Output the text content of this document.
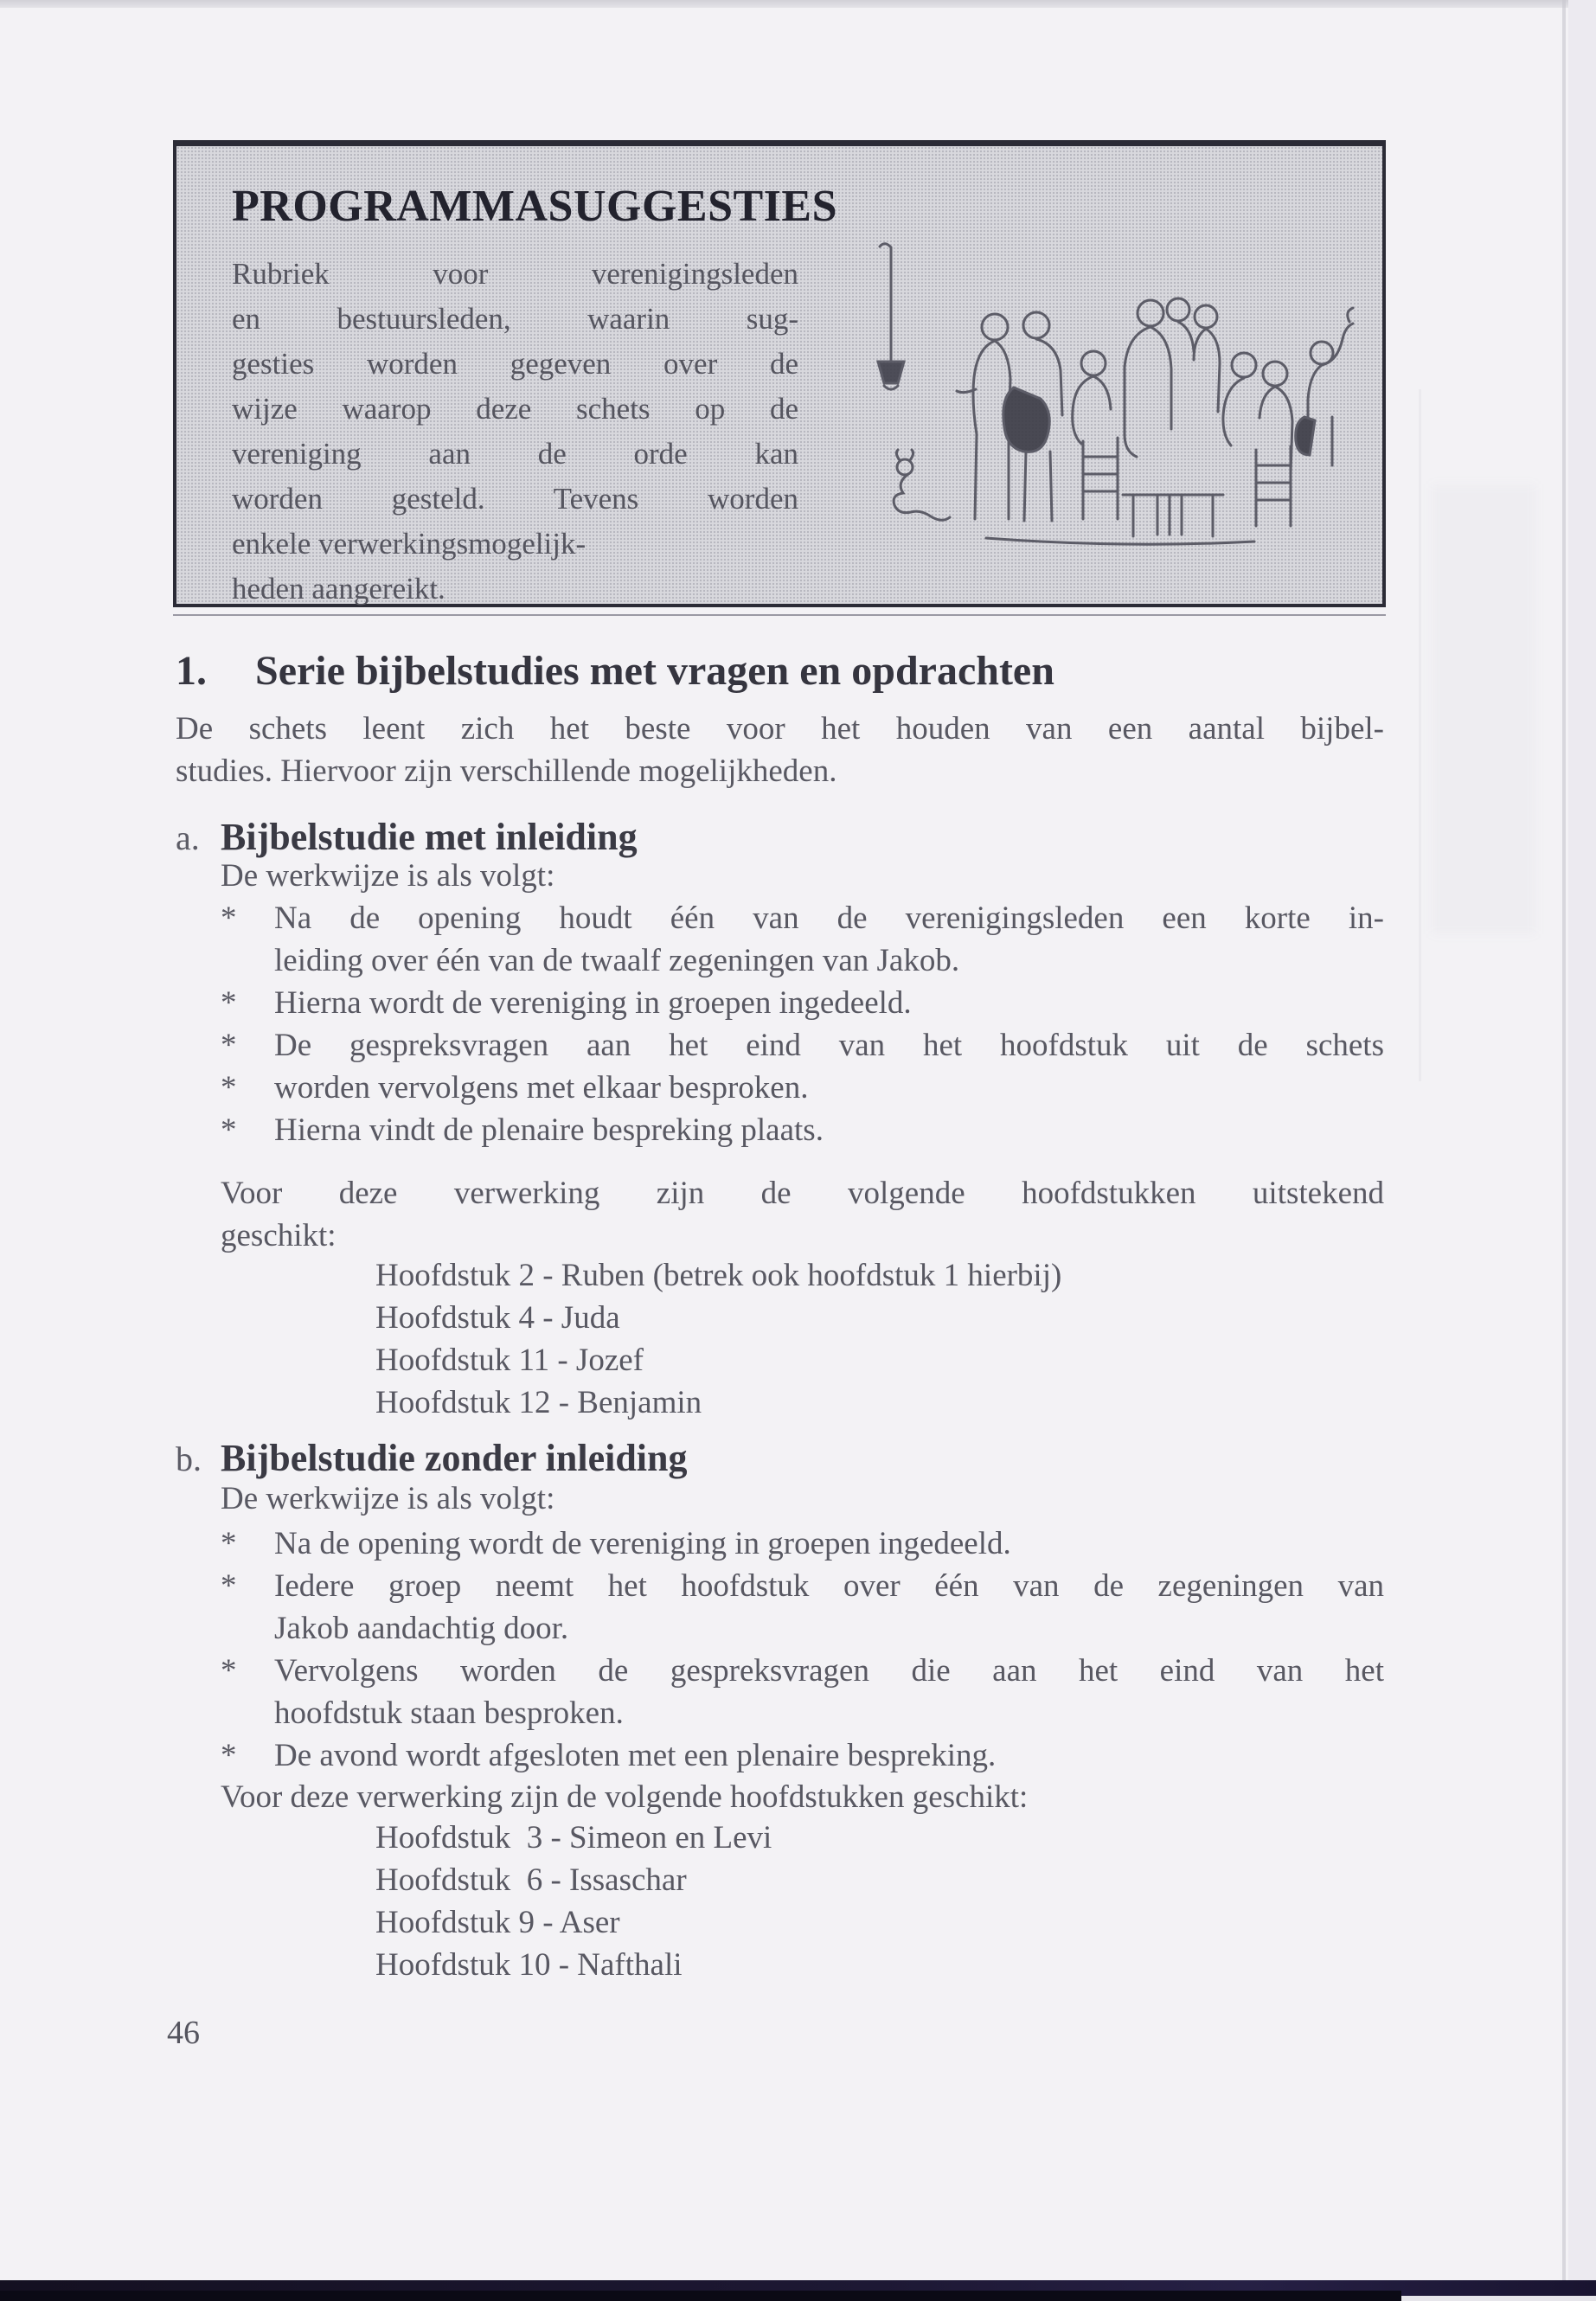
PROGRAMMASUGGESTIES
Rubriek voor verenigingsleden
en bestuursleden, waarin sug-
gesties worden gegeven over de
wijze waarop deze schets op de
vereniging aan de orde kan
worden gesteld. Tevens worden
enkele verwerkingsmogelijk-
heden aangereikt.
1. Serie bijbelstudies met vragen en opdrachten
De schets leent zich het beste voor het houden van een aantal bijbel-
studies. Hiervoor zijn verschillende mogelijkheden.
a. Bijbelstudie met inleiding
De werkwijze is als volgt:
*	Na de opening houdt één van de verenigingsleden een korte in-
leiding over één van de twaalf zegeningen van Jakob.
*	Hierna wordt de vereniging in groepen ingedeeld.
*	De gespreksvragen aan het eind van het hoofdstuk uit de schets
*	worden vervolgens met elkaar besproken.
*	Hierna vindt de plenaire bespreking plaats.
Voor deze verwerking zijn de volgende hoofdstukken uitstekend
geschikt:
Hoofdstuk 2 - Ruben (betrek ook hoofdstuk 1 hierbij)
Hoofdstuk 4 - Juda
Hoofdstuk 11 - Jozef
Hoofdstuk 12 - Benjamin
b. Bijbelstudie zonder inleiding
De werkwijze is als volgt:
*	Na de opening wordt de vereniging in groepen ingedeeld.
*	Iedere groep neemt het hoofdstuk over één van de zegeningen van
Jakob aandachtig door.
*	Vervolgens worden de gespreksvragen die aan het eind van het
hoofdstuk staan besproken.
*	De avond wordt afgesloten met een plenaire bespreking.
Voor deze verwerking zijn de volgende hoofdstukken geschikt:
Hoofdstuk  3 - Simeon en Levi
Hoofdstuk  6 - Issaschar
Hoofdstuk 9 - Aser
Hoofdstuk 10 - Nafthali
46
